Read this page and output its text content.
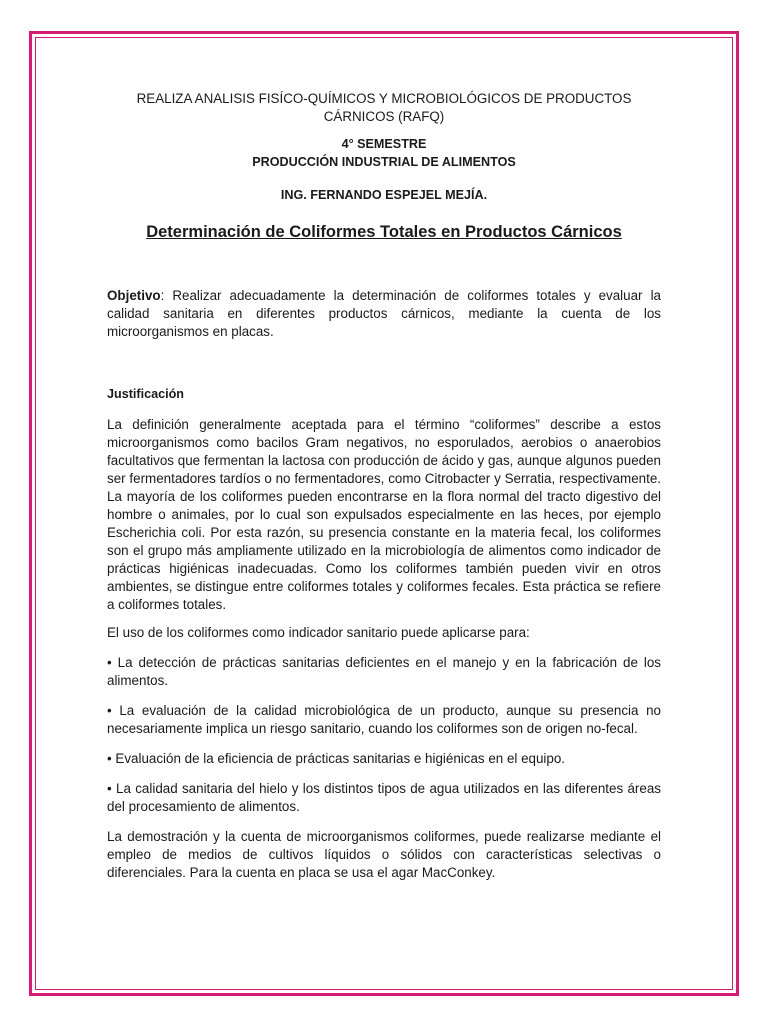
REALIZA ANALISIS FISÍCO-QUÍMICOS Y MICROBIOLÓGICOS DE PRODUCTOS CÁRNICOS (RAFQ)
4° SEMESTRE
PRODUCCIÓN INDUSTRIAL DE ALIMENTOS
ING. FERNANDO ESPEJEL MEJÍA.
Determinación de Coliformes Totales en Productos Cárnicos
Objetivo: Realizar adecuadamente la determinación de coliformes totales y evaluar la calidad sanitaria en diferentes productos cárnicos, mediante la cuenta de los microorganismos en placas.
Justificación

La definición generalmente aceptada para el término “coliformes” describe a estos microorganismos como bacilos Gram negativos, no esporulados, aerobios o anaerobios facultativos que fermentan la lactosa con producción de ácido y gas, aunque algunos pueden ser fermentadores tardíos o no fermentadores, como Citrobacter y Serratia, respectivamente. La mayoría de los coliformes pueden encontrarse en la flora normal del tracto digestivo del hombre o animales, por lo cual son expulsados especialmente en las heces, por ejemplo Escherichia coli. Por esta razón, su presencia constante en la materia fecal, los coliformes son el grupo más ampliamente utilizado en la microbiología de alimentos como indicador de prácticas higiénicas inadecuadas. Como los coliformes también pueden vivir en otros ambientes, se distingue entre coliformes totales y coliformes fecales. Esta práctica se refiere a coliformes totales.

El uso de los coliformes como indicador sanitario puede aplicarse para:

• La detección de prácticas sanitarias deficientes en el manejo y en la fabricación de los alimentos.

• La evaluación de la calidad microbiológica de un producto, aunque su presencia no necesariamente implica un riesgo sanitario, cuando los coliformes son de origen no-fecal.

• Evaluación de la eficiencia de prácticas sanitarias e higiénicas en el equipo.

• La calidad sanitaria del hielo y los distintos tipos de agua utilizados en las diferentes áreas del procesamiento de alimentos.

La demostración y la cuenta de microorganismos coliformes, puede realizarse mediante el empleo de medios de cultivos líquidos o sólidos con características selectivas o diferenciales. Para la cuenta en placa se usa el agar MacConkey.
